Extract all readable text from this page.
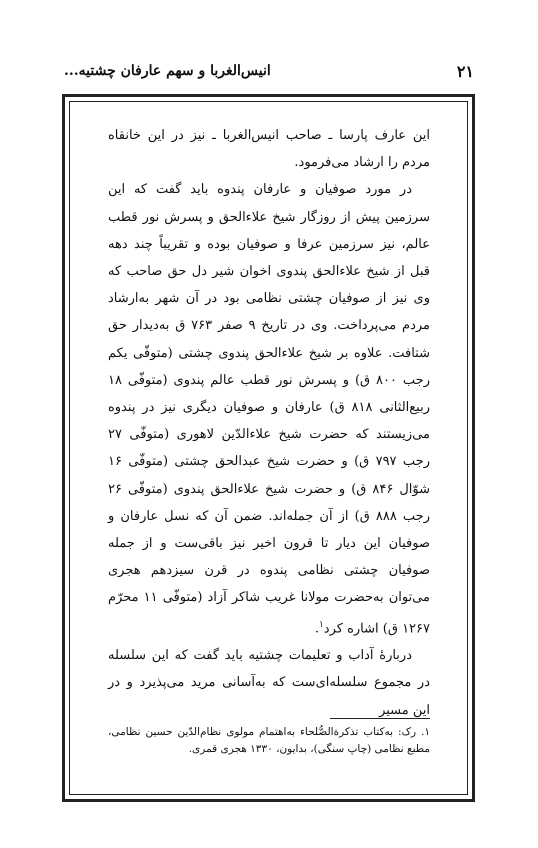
۲۱
انیس‌الغربا و سهم عارفان چشتیه...

این عارف پارسا ـ صاحب انیس‌الغربا ـ نیز در این خانقاه مردم را ارشاد می‌فرمود.

در مورد صوفیان و عارفان پندوه باید گفت که این سرزمین پیش از روزگار شیخ علاءالحق و پسرش نور قطب عالم، نیز سرزمین عرفا و صوفیان بوده و تقریباً چند دهه قبل از شیخ علاءالحق پندوی اخوان شیر دل حق صاحب که وی نیز از صوفیان چشتی نظامی بود در آن شهر به‌ارشاد مردم می‌پرداخت. وی در تاریخ ۹ صفر ۷۶۳ ق به‌دیدار حق شتافت. علاوه بر شیخ علاءالحق پندوی چشتی (متوفّی یکم رجب ۸۰۰ ق) و پسرش نور قطب عالم پندوی (متوفّی ۱۸ ربیع‌الثانی ۸۱۸ ق) عارفان و صوفیان دیگری نیز در پندوه می‌زیستند که حضرت شیخ علاءالدّین لاهوری (متوفّی ۲۷ رجب ۷۹۷ ق) و حضرت شیخ عبدالحق چشتی (متوفّی ۱۶ شوّال ۸۴۶ ق) و حضرت شیخ علاءالحق پندوی (متوفّی ۲۶ رجب ۸۸۸ ق) از آن جمله‌اند. ضمن آن که نسل عارفان و صوفیان این دیار تا قرون اخیر نیز باقی‌ست و از جمله صوفیان چشتی نظامی پندوه در قرن سیزدهم هجری می‌توان به‌حضرت مولانا غریب شاکر آزاد (متوفّی ۱۱ محرّم ۱۲۶۷ ق) اشاره کرد$^۱$.

دربارهٔ آداب و تعلیمات چشتیه باید گفت که این سلسله در مجموع سلسله‌ای‌ست که به‌آسانی مرید می‌پذیرد و در این مسیر

۱. رک: به‌کتاب تذکرةالصُّلحاء به‌اهتمام مولوی نظام‌الدّین حسین نظامی، مطبع نظامی (چاپ سنگی)، بدایون، ۱۳۳۰ هجری قمری.
